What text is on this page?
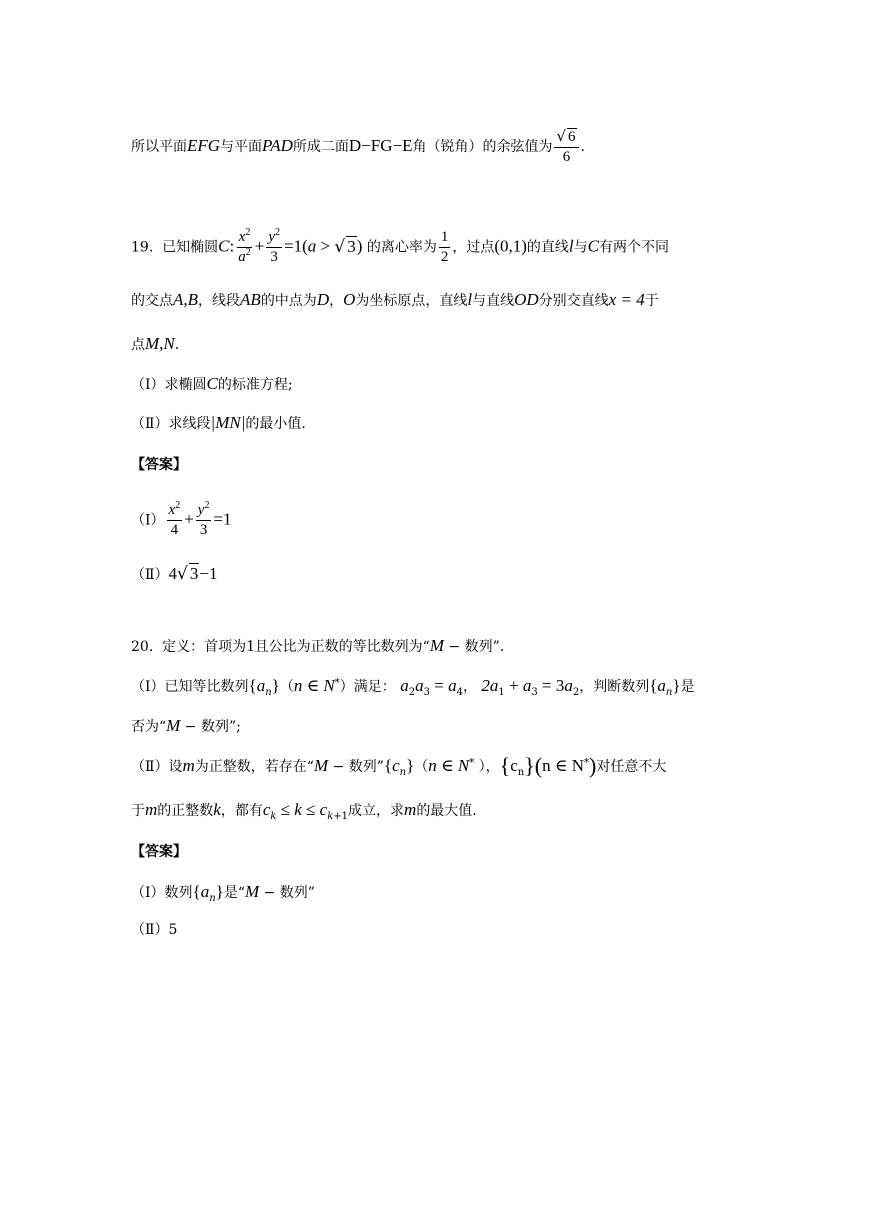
所以平面EFG与平面PAD所成二面D−FG−E角（锐角）的余弦值为 $\frac{√ 6}{6}$ .
19. 已知椭圆C: $\frac{x^2}{a^2} + \frac{y^2}{3} =1(a$ > √ 3) 的离心率为 $\frac{1}{2}$ ，过点(0,1)的直线l与C有两个不同
的交点A,B，线段AB的中点为D，O为坐标原点，直线l与直线OD分别交直线x = 4于
点M,N.
（Ⅰ）求椭圆C的标准方程;
（Ⅱ）求线段|MN|的最小值.
【答案】
（Ⅰ） $\frac{x^2}{4} + \frac{y^2}{3} =1$
（Ⅱ）4√ 3−1
20. 定义：首项为1且公比为正数的等比数列为“M − 数列”.
（Ⅰ）已知等比数列$\{a_n\}(n$ ∈ N*）满足： $a_2a_3 = a_4$， $2a_1 + a_3 = 3a_2$，判断数列$\{a_n\}$是
否为“M − 数列”;
（Ⅱ）设m为正整数，若存在“M − 数列$”\{c_n\}(n$ ∈ N* ），$\{c_n\}(n$ ∈ N*)对任意不大
于m的正整数k，都有$c_k \le k \le c_{k+1}$成立，求m的最大值.
【答案】
（Ⅰ）数列$\{a_n\}$是“M − 数列”
（Ⅱ）5
